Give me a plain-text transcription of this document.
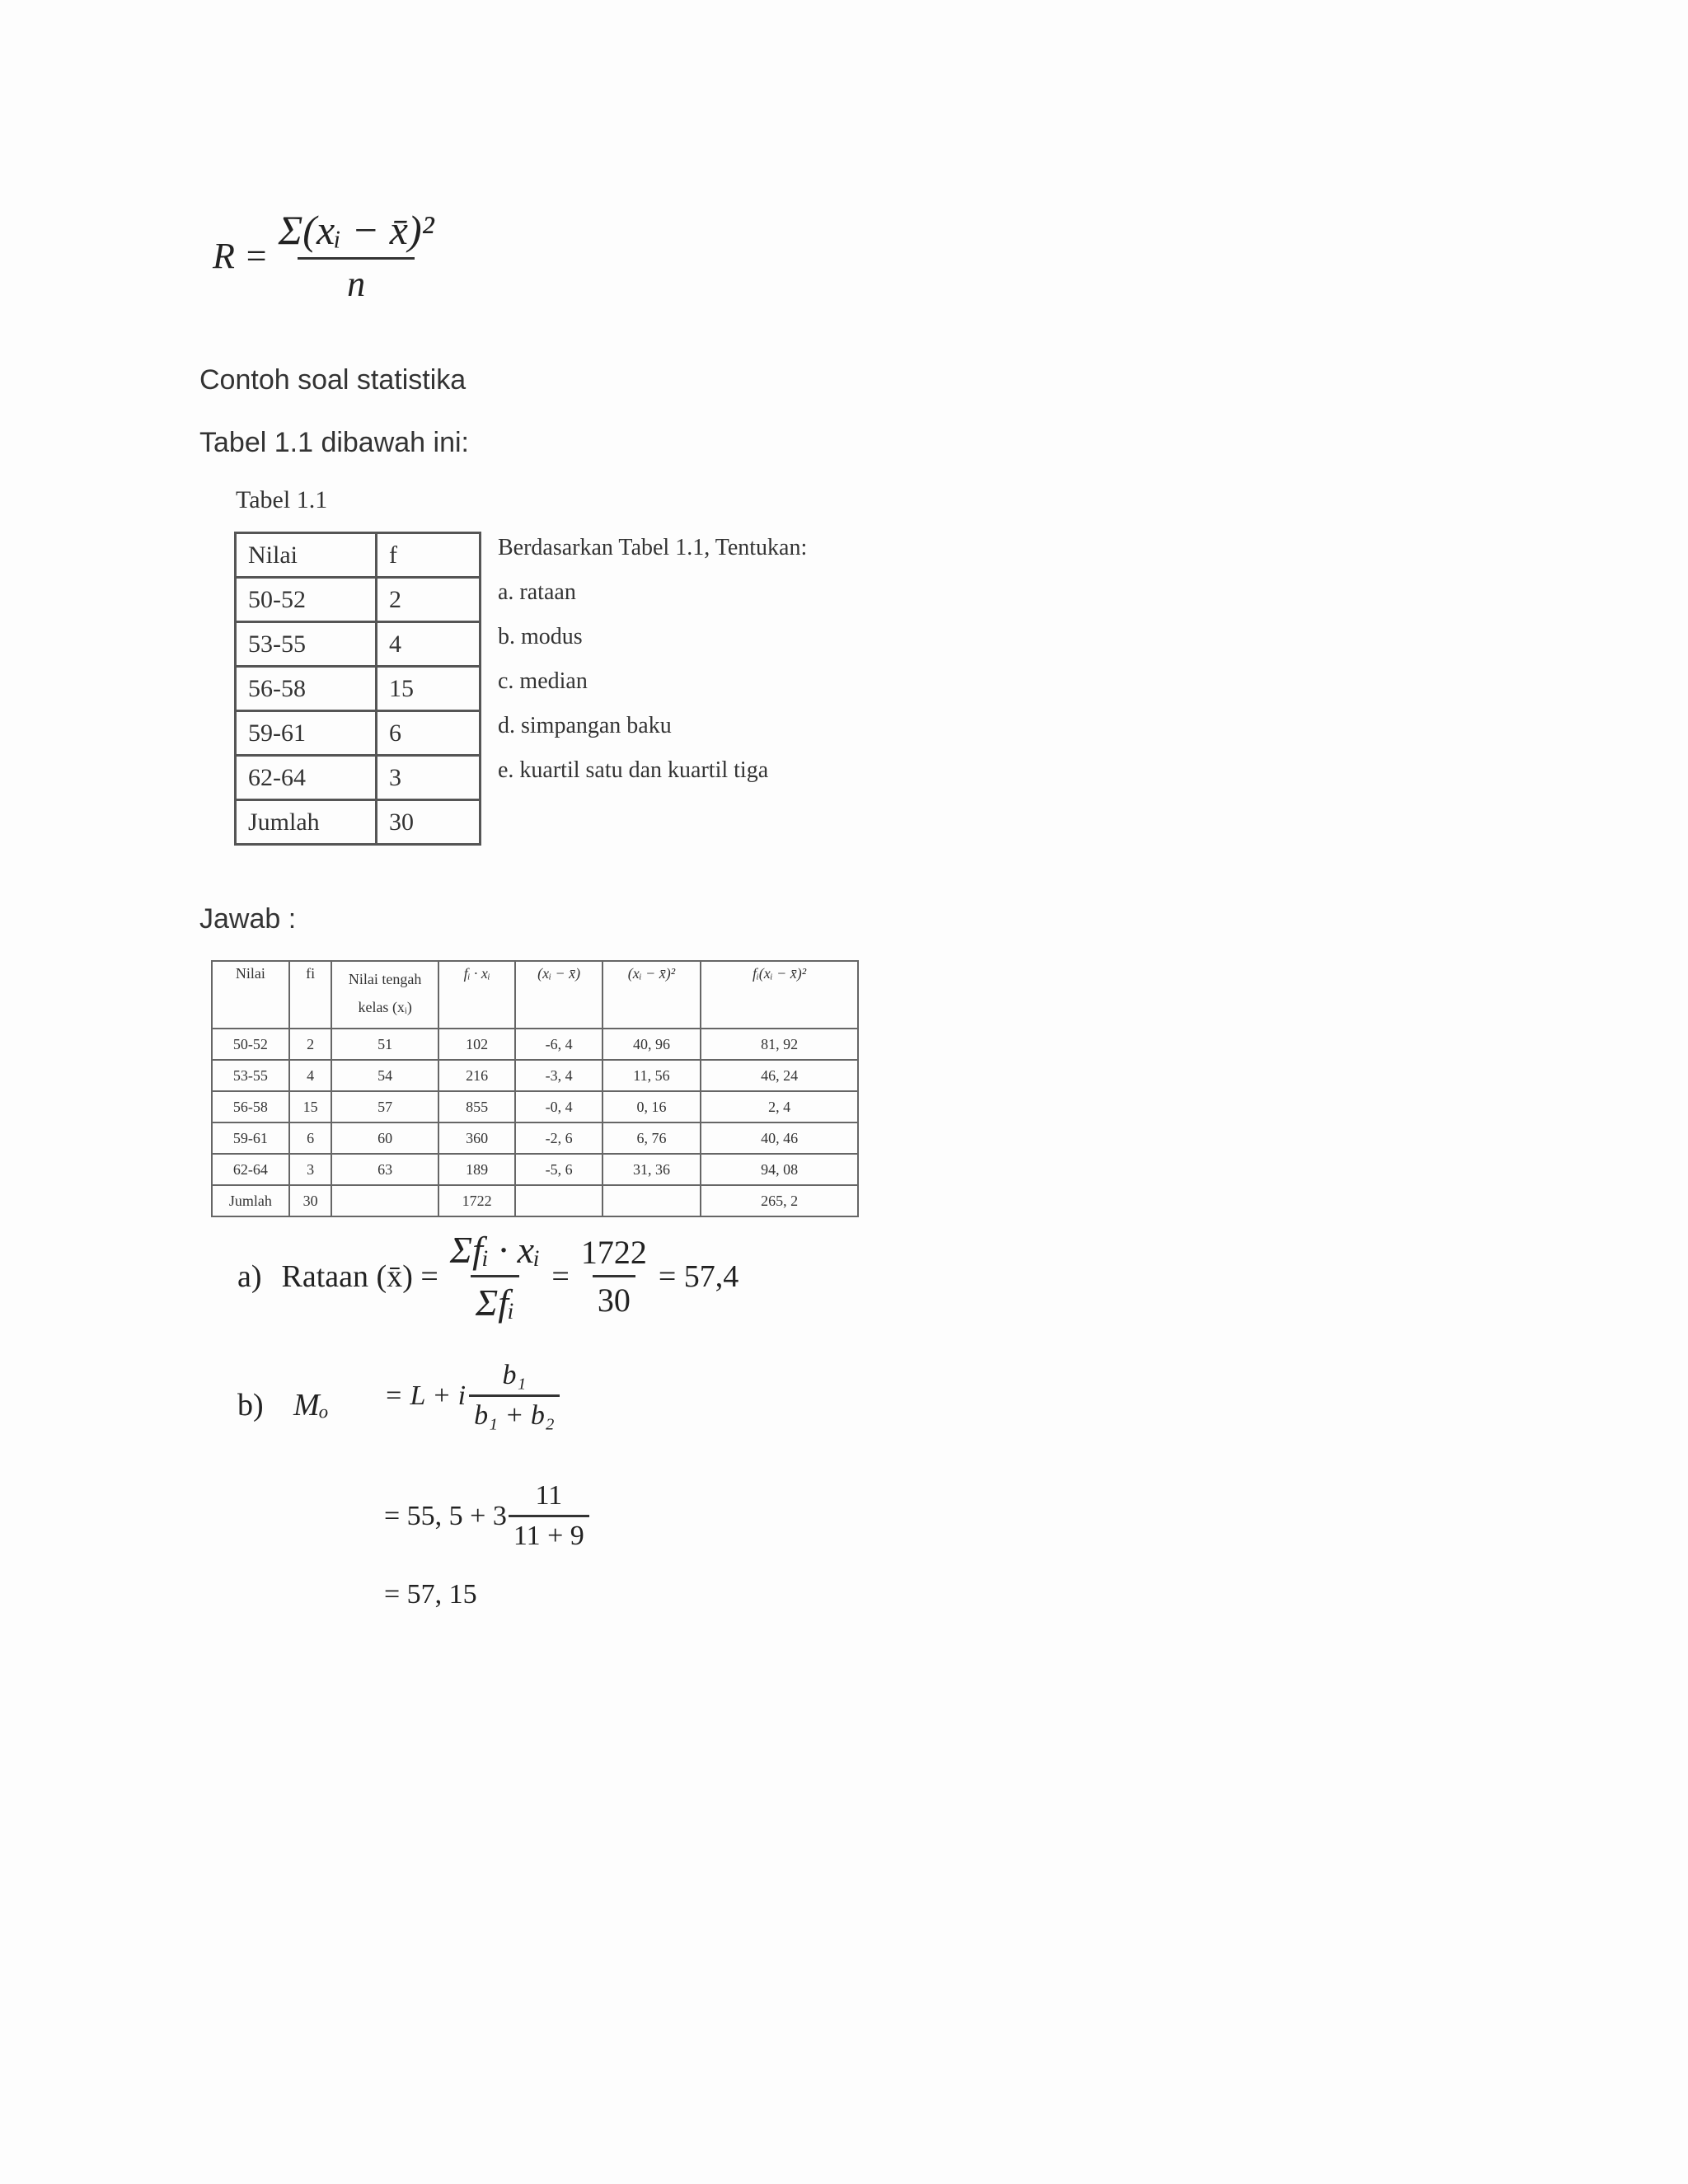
$R = \frac{\text{Σ(xᵢ − x̄)²}}{n}$
Contoh soal statistika
Tabel 1.1 dibawah ini:
Tabel 1.1
Nilai	f
50-52	2
53-55	4
56-58	15
59-61	6
62-64	3
Jumlah	30
Berdasarkan Tabel 1.1, Tentukan:
a. rataan
b. modus
c. median
d. simpangan baku
e. kuartil satu dan kuartil tiga
Jawab :
Nilai	fi	Nilai tengah kelas (xᵢ)	fᵢ · xᵢ	(xᵢ − x̄)	(xᵢ − x̄)²	fᵢ(xᵢ − x̄)²
50-52	2	51	102	-6, 4	40, 96	81, 92
53-55	4	54	216	-3, 4	11, 56	46, 24
56-58	15	57	855	-0, 4	0, 16	2, 4
59-61	6	60	360	-2, 6	6, 76	40, 46
62-64	3	63	189	-5, 6	31, 36	94, 08
Jumlah	30		1722			265, 2
a) Rataan (x̄) = $\frac{\text{Σfᵢ · xᵢ}}{\text{Σfᵢ}} = \frac{1722}{30} = 57,4$
b) Mₒ = L + i $\frac{\text{b₁}}{\text{b₁ + b₂}}$
= 55, $5 + 3 \frac{11}{11 + 9}$
= 57, 15
